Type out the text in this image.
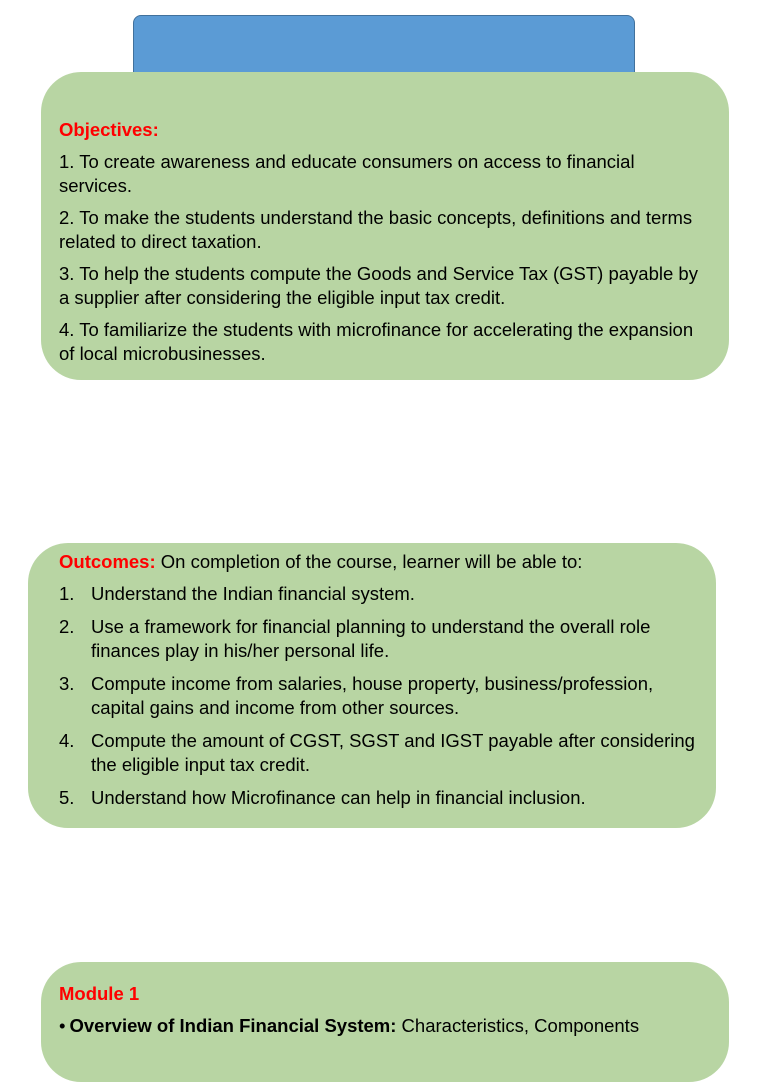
Objectives:
1. To create awareness and educate consumers on access to financial services.
2. To make the students understand the basic concepts, definitions and terms related to direct taxation.
3. To help the students compute the Goods and Service Tax (GST) payable by a supplier after considering the eligible input tax credit.
4. To familiarize the students with microfinance for accelerating the expansion of local microbusinesses.
Outcomes: On completion of the course, learner will be able to:
1. Understand the Indian financial system.
2. Use a framework for financial planning to understand the overall role finances play in his/her personal life.
3. Compute income from salaries, house property, business/profession, capital gains and income from other sources.
4. Compute the amount of CGST, SGST and IGST payable after considering the eligible input tax credit.
5. Understand how Microfinance can help in financial inclusion.
Module 1
• Overview of Indian Financial System: Characteristics, Components
